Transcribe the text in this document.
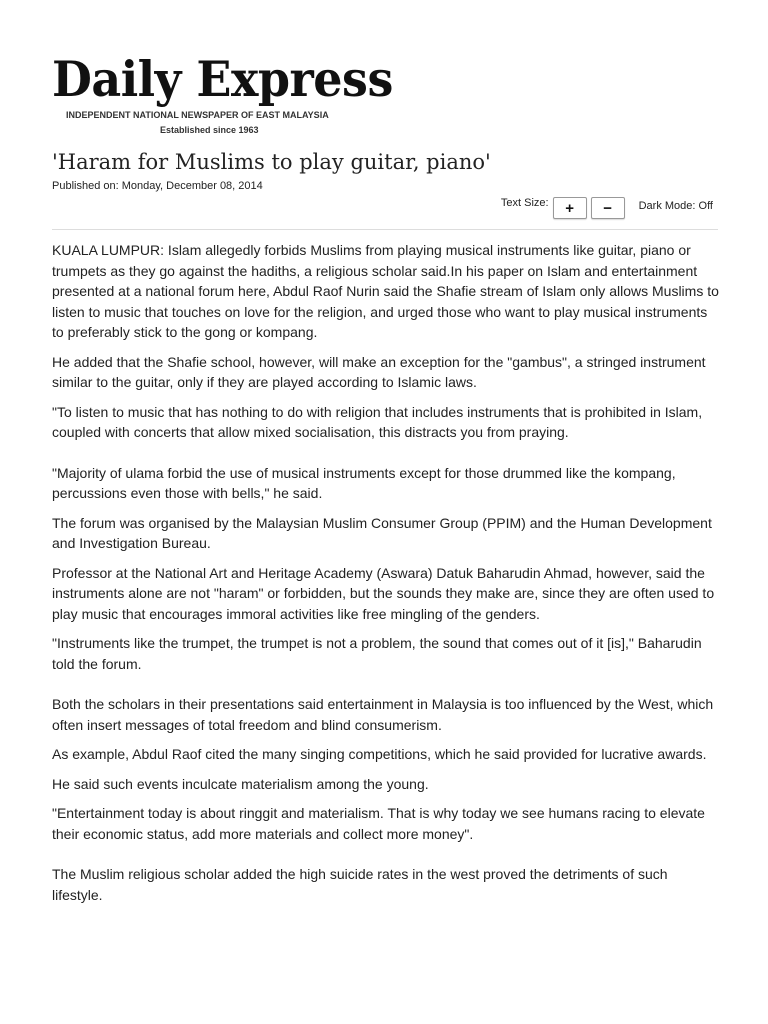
Daily Express
INDEPENDENT NATIONAL NEWSPAPER OF EAST MALAYSIA
Established since 1963
'Haram for Muslims to play guitar, piano'
Published on: Monday, December 08, 2014
Text Size:	+	−	Dark Mode: Off

KUALA LUMPUR: Islam allegedly forbids Muslims from playing musical instruments like guitar, piano or trumpets as they go against the hadiths, a religious scholar said.In his paper on Islam and entertainment presented at a national forum here, Abdul Raof Nurin said the Shafie stream of Islam only allows Muslims to listen to music that touches on love for the religion, and urged those who want to play musical instruments to preferably stick to the gong or kompang.

He added that the Shafie school, however, will make an exception for the "gambus", a stringed instrument similar to the guitar, only if they are played according to Islamic laws.

"To listen to music that has nothing to do with religion that includes instruments that is prohibited in Islam, coupled with concerts that allow mixed socialisation, this distracts you from praying.

"Majority of ulama forbid the use of musical instruments except for those drummed like the kompang, percussions even those with bells," he said.

The forum was organised by the Malaysian Muslim Consumer Group (PPIM) and the Human Development and Investigation Bureau.

Professor at the National Art and Heritage Academy (Aswara) Datuk Baharudin Ahmad, however, said the instruments alone are not "haram" or forbidden, but the sounds they make are, since they are often used to play music that encourages immoral activities like free mingling of the genders.

"Instruments like the trumpet, the trumpet is not a problem, the sound that comes out of it [is]," Baharudin told the forum.

Both the scholars in their presentations said entertainment in Malaysia is too influenced by the West, which often insert messages of total freedom and blind consumerism.

As example, Abdul Raof cited the many singing competitions, which he said provided for lucrative awards.

He said such events inculcate materialism among the young.

"Entertainment today is about ringgit and materialism. That is why today we see humans racing to elevate their economic status, add more materials and collect more money".

The Muslim religious scholar added the high suicide rates in the west proved the detriments of such lifestyle.
